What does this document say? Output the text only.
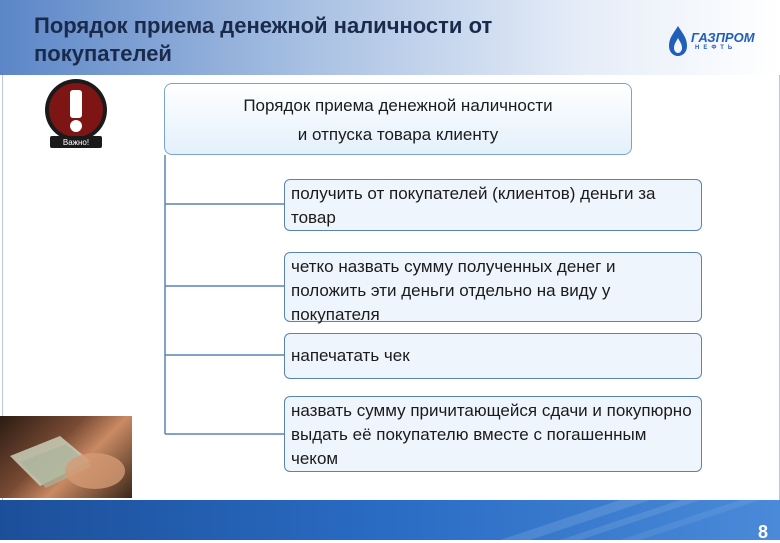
Порядок приема денежной наличности от покупателей
ГАЗПРОМ
НЕФТЬ
Важно!
Порядок приема денежной наличности
и отпуска товара клиенту
получить от покупателей (клиентов) деньги за товар
четко назвать сумму полученных денег и положить эти деньги отдельно на виду у покупателя
напечатать чек
назвать сумму причитающейся сдачи и покупюрно выдать её покупателю вместе с погашенным чеком
8
